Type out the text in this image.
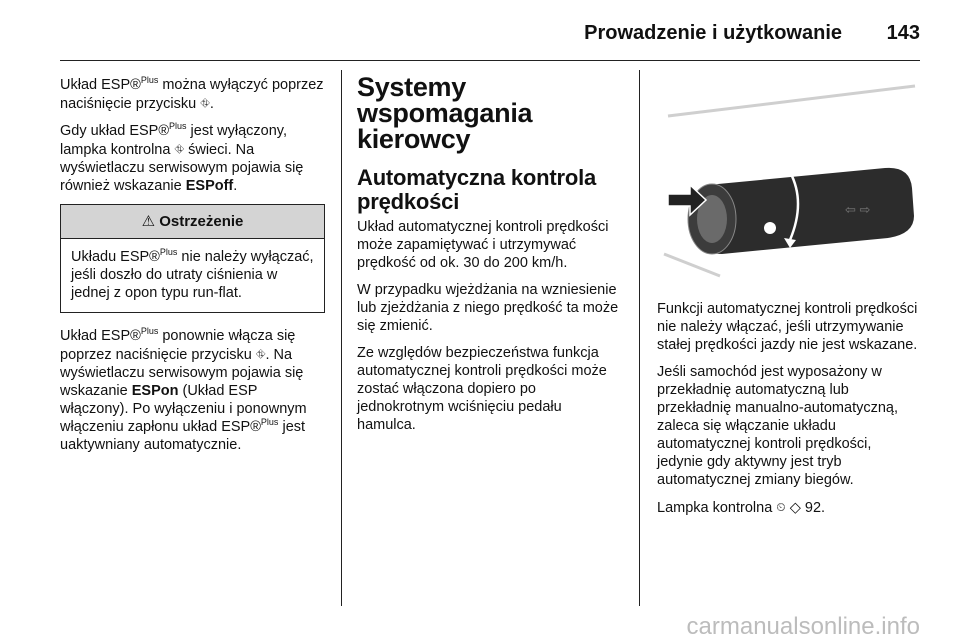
Prowadzenie i użytkowanie 143

Układ ESP®$^{Plus}$ można wyłączyć poprzez naciśnięcie przycisku ⛗.

Gdy układ ESP®$^{Plus}$ jest wyłączony, lampka kontrolna ⛗ świeci. Na wyświetlaczu serwisowym pojawia się również wskazanie ESPoff.

⚠ Ostrzeżenie
Układu ESP®$^{Plus}$ nie należy wyłączać, jeśli doszło do utraty ciśnienia w jednej z opon typu run-flat.

Układ ESP®$^{Plus}$ ponownie włącza się poprzez naciśnięcie przycisku ⛗. Na wyświetlaczu serwisowym pojawia się wskazanie ESPon (Układ ESP włączony). Po wyłączeniu i ponownym włączeniu zapłonu układ ESP®$^{Plus}$ jest uaktywniany automatycznie.

Systemy wspomagania kierowcy
Automatyczna kontrola prędkości

Układ automatycznej kontroli prędkości może zapamiętywać i utrzymywać prędkość od ok. 30 do 200 km/h.

W przypadku wjeżdżania na wzniesienie lub zjeżdżania z niego prędkość ta może się zmienić.

Ze względów bezpieczeństwa funkcja automatycznej kontroli prędkości może zostać włączona dopiero po jednokrotnym wciśnięciu pedału hamulca.

⇦ ⇨

Funkcji automatycznej kontroli prędkości nie należy włączać, jeśli utrzymywanie stałej prędkości jazdy nie jest wskazane.

Jeśli samochód jest wyposażony w przekładnię automatyczną lub przekładnię manualno-automatyczną, zaleca się włączanie układu automatycznej kontroli prędkości, jedynie gdy aktywny jest tryb automatycznej zmiany biegów.

Lampka kontrolna ⏲ ◇ 92.

carmanualsonline.info
